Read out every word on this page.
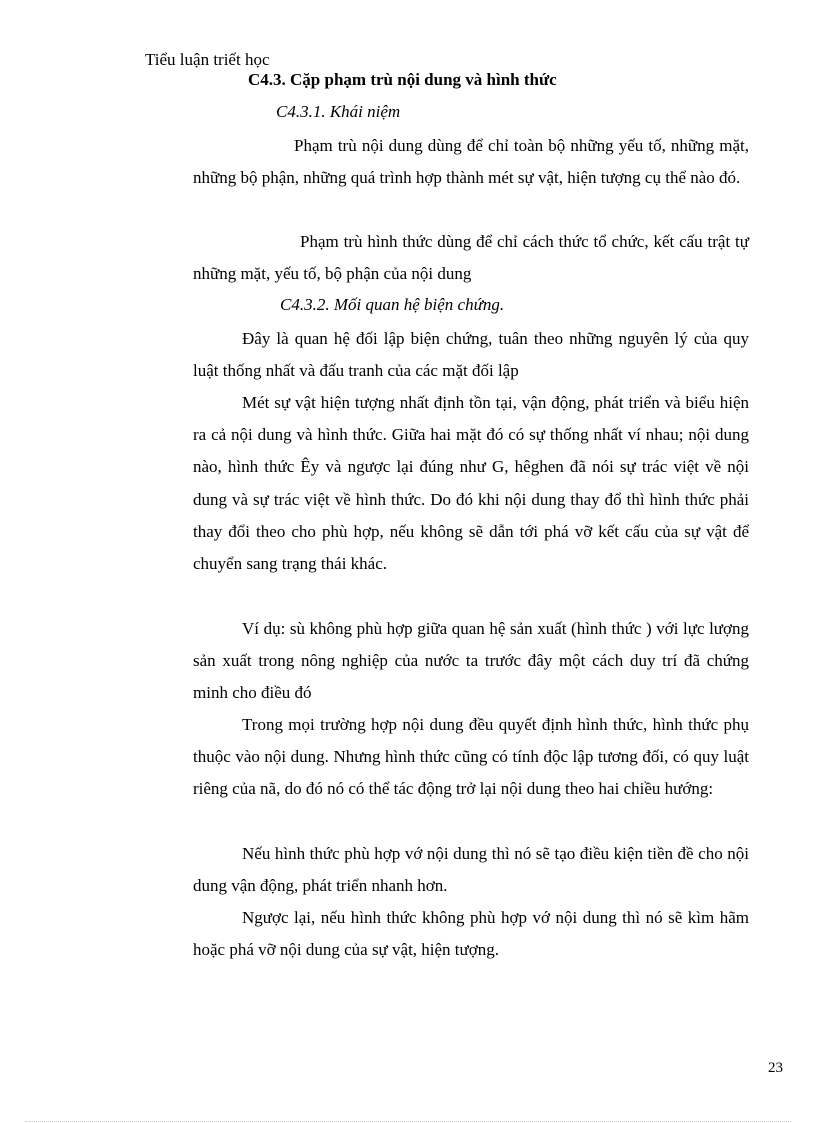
Tiểu luận triết học
C4.3. Cặp phạm trù nội dung và hình thức
C4.3.1. Khái niệm

Phạm trù nội dung dùng để chỉ toàn bộ những yếu tố, những mặt, những bộ phận, những quá trình hợp thành mét sự vật, hiện tượng cụ thể nào đó.

Phạm trù hình thức dùng để chỉ cách thức tổ chức, kết cấu trật tự những mặt, yếu tố, bộ phận của nội dung

C4.3.2. Mối quan hệ biện chứng.

Đây là quan hệ đối lập biện chứng, tuân theo những nguyên lý của quy luật thống nhất và đấu tranh của các mặt đối lập

Mét sự vật hiện tượng nhất định tồn tại, vận động, phát triển và biểu hiện ra cả nội dung và hình thức. Giữa hai mặt đó có sự thống nhất ví nhau; nội dung nào, hình thức Êy và ngược lại đúng như G, hêghen đã nói sự trác việt về nội dung và sự trác việt về hình thức. Do đó khi nội dung thay đổ thì hình thức phải thay đổi theo cho phù hợp, nếu không sẽ dẫn tới phá vỡ kết cấu của sự vật để chuyển sang trạng thái khác.

Ví dụ: sù không phù hợp giữa quan hệ sản xuất (hình thức ) với lực lượng sản xuất trong nông nghiệp của nước ta trước đây một cách duy trí đã chứng minh cho điều đó

Trong mọi trường hợp nội dung đều quyết định hình thức, hình thức phụ thuộc vào nội dung. Nhưng hình thức cũng có tính độc lập tương đối, có quy luật riêng của nã, do đó nó có thể tác động trở lại nội dung theo hai chiều hướng:

Nếu hình thức phù hợp vớ nội dung thì nó sẽ tạo điều kiện tiền đề cho nội dung vận động, phát triển nhanh hơn.

Ngược lại, nếu hình thức không phù hợp vớ nội dung thì nó sẽ kìm hãm hoặc phá vỡ nội dung của sự vật, hiện tượng.

23
